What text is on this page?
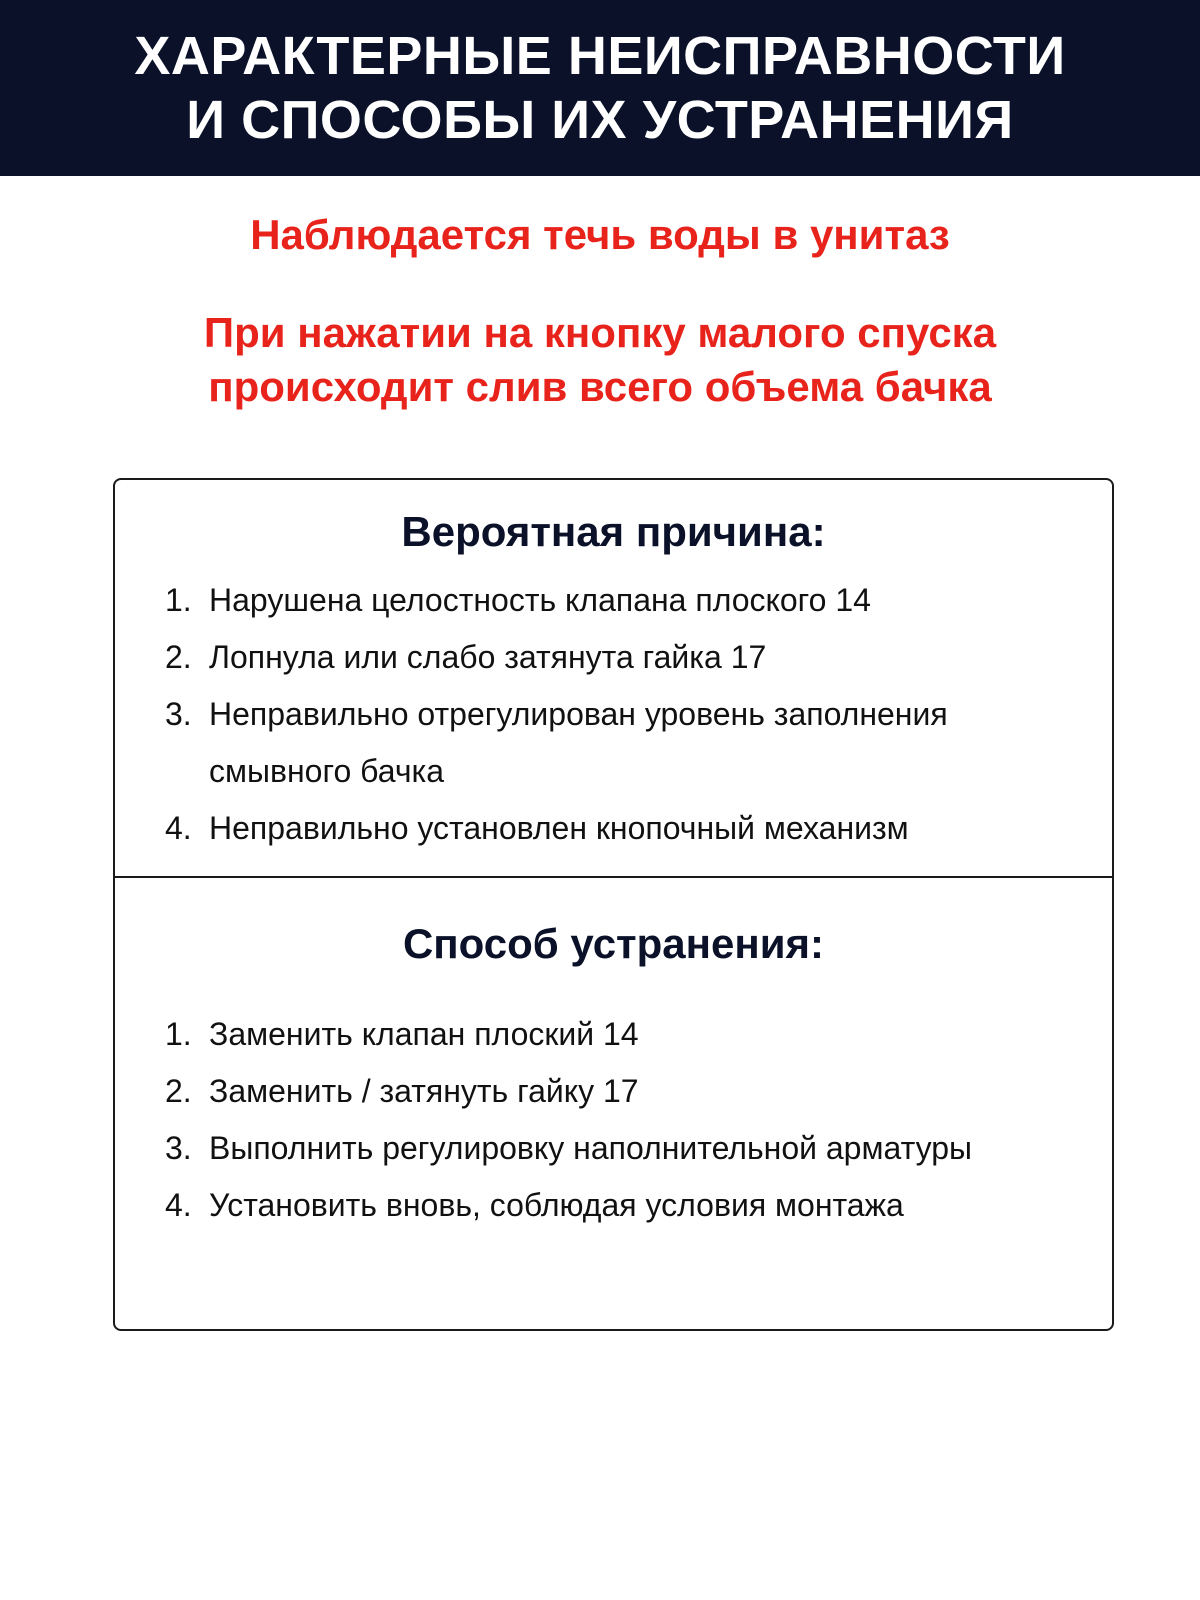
ХАРАКТЕРНЫЕ НЕИСПРАВНОСТИ
И СПОСОБЫ ИХ УСТРАНЕНИЯ
Наблюдается течь воды в унитаз
При нажатии на кнопку малого спуска
происходит слив всего объема бачка
Вероятная причина:
1. Нарушена целостность клапана плоского 14
2. Лопнула или слабо затянута гайка 17
3. Неправильно отрегулирован уровень заполнения смывного бачка
4. Неправильно установлен кнопочный механизм
Способ устранения:
1. Заменить клапан плоский 14
2. Заменить / затянуть гайку 17
3. Выполнить регулировку наполнительной арматуры
4. Установить вновь, соблюдая условия монтажа
